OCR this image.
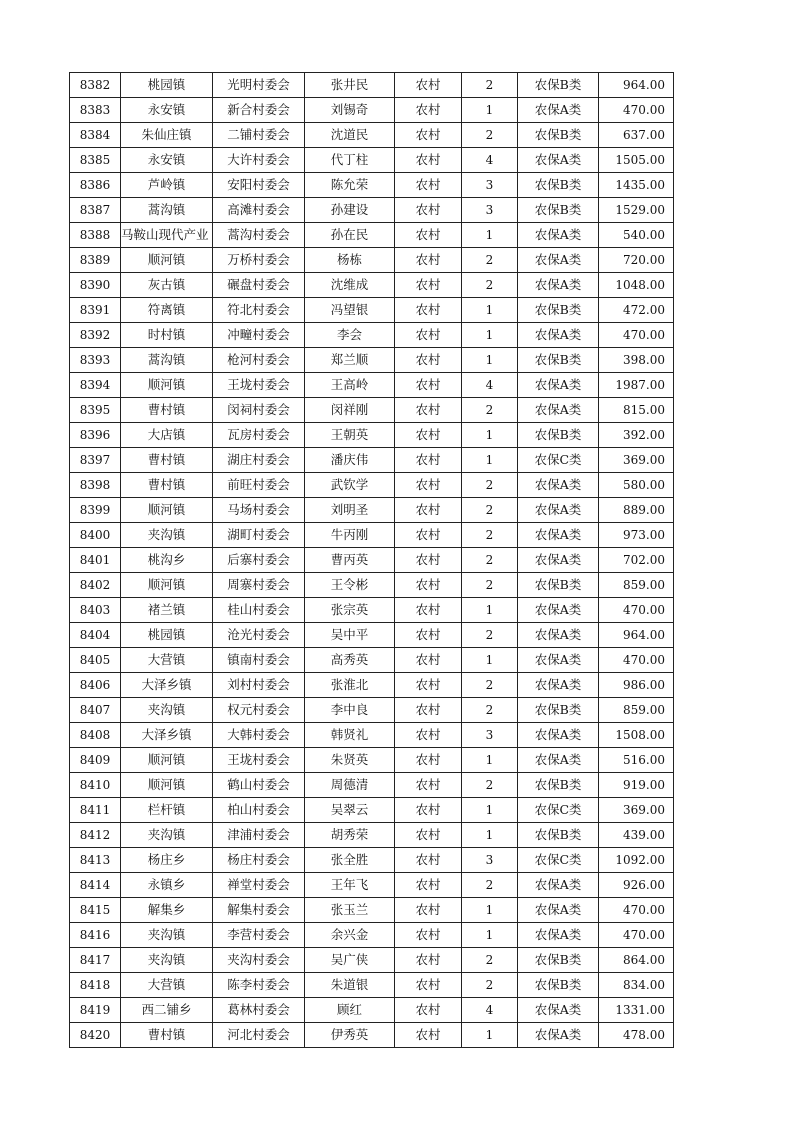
8382	桃园镇	光明村委会	张井民	农村	2	农保B类	964.00
8383	永安镇	新合村委会	刘锡奇	农村	1	农保A类	470.00
8384	朱仙庄镇	二铺村委会	沈道民	农村	2	农保B类	637.00
8385	永安镇	大许村委会	代丁柱	农村	4	农保A类	1505.00
8386	芦岭镇	安阳村委会	陈允荣	农村	3	农保B类	1435.00
8387	蒿沟镇	高滩村委会	孙建设	农村	3	农保B类	1529.00
8388	马鞍山现代产业	蒿沟村委会	孙在民	农村	1	农保A类	540.00
8389	顺河镇	万桥村委会	杨栋	农村	2	农保A类	720.00
8390	灰古镇	碾盘村委会	沈维成	农村	2	农保A类	1048.00
8391	符离镇	符北村委会	冯望银	农村	1	农保B类	472.00
8392	时村镇	冲疃村委会	李会	农村	1	农保A类	470.00
8393	蒿沟镇	枪河村委会	郑兰顺	农村	1	农保B类	398.00
8394	顺河镇	王垅村委会	王高岭	农村	4	农保A类	1987.00
8395	曹村镇	闵祠村委会	闵祥刚	农村	2	农保A类	815.00
8396	大店镇	瓦房村委会	王朝英	农村	1	农保B类	392.00
8397	曹村镇	湖庄村委会	潘庆伟	农村	1	农保C类	369.00
8398	曹村镇	前旺村委会	武钦学	农村	2	农保A类	580.00
8399	顺河镇	马场村委会	刘明圣	农村	2	农保A类	889.00
8400	夹沟镇	湖町村委会	牛丙刚	农村	2	农保A类	973.00
8401	桃沟乡	后寨村委会	曹丙英	农村	2	农保A类	702.00
8402	顺河镇	周寨村委会	王令彬	农村	2	农保B类	859.00
8403	褚兰镇	桂山村委会	张宗英	农村	1	农保A类	470.00
8404	桃园镇	沧光村委会	吴中平	农村	2	农保A类	964.00
8405	大营镇	镇南村委会	高秀英	农村	1	农保A类	470.00
8406	大泽乡镇	刘村村委会	张淮北	农村	2	农保A类	986.00
8407	夹沟镇	权元村委会	李中良	农村	2	农保B类	859.00
8408	大泽乡镇	大韩村委会	韩贤礼	农村	3	农保A类	1508.00
8409	顺河镇	王垅村委会	朱贤英	农村	1	农保A类	516.00
8410	顺河镇	鹤山村委会	周德清	农村	2	农保B类	919.00
8411	栏杆镇	柏山村委会	吴翠云	农村	1	农保C类	369.00
8412	夹沟镇	津浦村委会	胡秀荣	农村	1	农保B类	439.00
8413	杨庄乡	杨庄村委会	张全胜	农村	3	农保C类	1092.00
8414	永镇乡	禅堂村委会	王年飞	农村	2	农保A类	926.00
8415	解集乡	解集村委会	张玉兰	农村	1	农保A类	470.00
8416	夹沟镇	李营村委会	余兴金	农村	1	农保A类	470.00
8417	夹沟镇	夹沟村委会	吴广侠	农村	2	农保B类	864.00
8418	大营镇	陈李村委会	朱道银	农村	2	农保B类	834.00
8419	西二铺乡	葛林村委会	顾红	农村	4	农保A类	1331.00
8420	曹村镇	河北村委会	伊秀英	农村	1	农保A类	478.00
